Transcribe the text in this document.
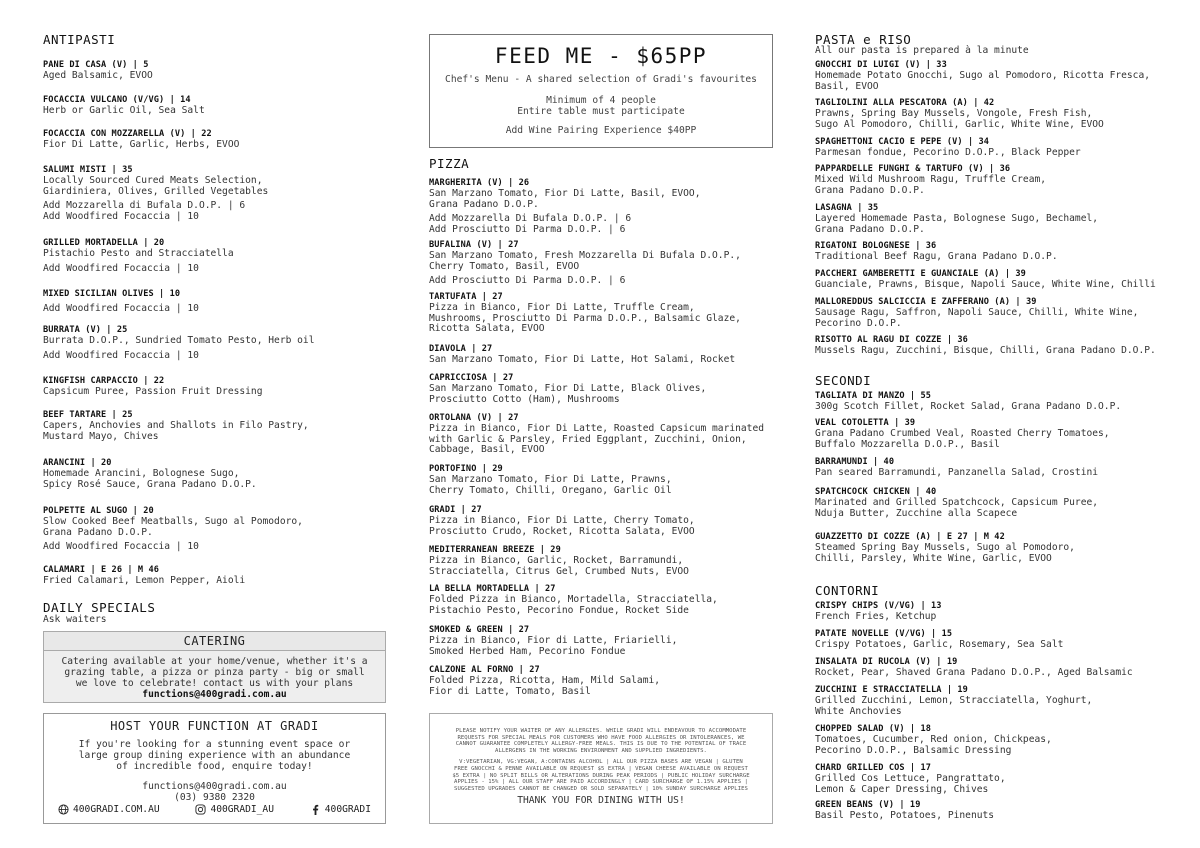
ANTIPASTI
PANE DI CASA (V) | 5
Aged Balsamic, EVOO
FOCACCIA VULCANO (V/VG) | 14
Herb or Garlic Oil, Sea Salt
FOCACCIA CON MOZZARELLA (V) | 22
Fior Di Latte, Garlic, Herbs, EVOO
SALUMI MISTI | 35
Locally Sourced Cured Meats Selection,
Giardiniera, Olives, Grilled Vegetables
Add Mozzarella di Bufala D.O.P. | 6
Add Woodfired Focaccia | 10
GRILLED MORTADELLA | 20
Pistachio Pesto and Stracciatella
Add Woodfired Focaccia | 10
MIXED SICILIAN OLIVES | 10
Add Woodfired Focaccia | 10
BURRATA (V) | 25
Burrata D.O.P., Sundried Tomato Pesto, Herb oil
Add Woodfired Focaccia | 10
KINGFISH CARPACCIO | 22
Capsicum Puree, Passion Fruit Dressing
BEEF TARTARE | 25
Capers, Anchovies and Shallots in Filo Pastry,
Mustard Mayo, Chives
ARANCINI | 20
Homemade Arancini, Bolognese Sugo,
Spicy Rosé Sauce, Grana Padano D.O.P.
POLPETTE AL SUGO | 20
Slow Cooked Beef Meatballs, Sugo al Pomodoro,
Grana Padano D.O.P.
Add Woodfired Focaccia | 10
CALAMARI | E 26 | M 46
Fried Calamari, Lemon Pepper, Aioli
DAILY SPECIALS
Ask waiters
CATERING
Catering available at your home/venue, whether it's a
grazing table, a pizza or pinza party - big or small
we love to celebrate! contact us with your plans
functions@400gradi.com.au
HOST YOUR FUNCTION AT GRADI
If you're looking for a stunning event space or
large group dining experience with an abundance
of incredible food, enquire today!
functions@400gradi.com.au
(03) 9380 2320
400GRADI.COM.AU	400GRADI_AU	400GRADI
FEED ME - $65PP
Chef's Menu - A shared selection of Gradi's favourites
Minimum of 4 people
Entire table must participate
Add Wine Pairing Experience $40PP
PIZZA
MARGHERITA (V) | 26
San Marzano Tomato, Fior Di Latte, Basil, EVOO,
Grana Padano D.O.P.
Add Mozzarella Di Bufala D.O.P. | 6
Add Prosciutto Di Parma D.O.P. | 6
BUFALINA (V) | 27
San Marzano Tomato, Fresh Mozzarella Di Bufala D.O.P.,
Cherry Tomato, Basil, EVOO
Add Prosciutto Di Parma D.O.P. | 6
TARTUFATA | 27
Pizza in Bianco, Fior Di Latte, Truffle Cream,
Mushrooms, Prosciutto Di Parma D.O.P., Balsamic Glaze,
Ricotta Salata, EVOO
DIAVOLA | 27
San Marzano Tomato, Fior Di Latte, Hot Salami, Rocket
CAPRICCIOSA | 27
San Marzano Tomato, Fior Di Latte, Black Olives,
Prosciutto Cotto (Ham), Mushrooms
ORTOLANA (V) | 27
Pizza in Bianco, Fior Di Latte, Roasted Capsicum marinated
with Garlic & Parsley, Fried Eggplant, Zucchini, Onion,
Cabbage, Basil, EVOO
PORTOFINO | 29
San Marzano Tomato, Fior Di Latte, Prawns,
Cherry Tomato, Chilli, Oregano, Garlic Oil
GRADI | 27
Pizza in Bianco, Fior Di Latte, Cherry Tomato,
Prosciutto Crudo, Rocket, Ricotta Salata, EVOO
MEDITERRANEAN BREEZE | 29
Pizza in Bianco, Garlic, Rocket, Barramundi,
Stracciatella, Citrus Gel, Crumbed Nuts, EVOO
LA BELLA MORTADELLA | 27
Folded Pizza in Bianco, Mortadella, Stracciatella,
Pistachio Pesto, Pecorino Fondue, Rocket Side
SMOKED & GREEN | 27
Pizza in Bianco, Fior di Latte, Friarielli,
Smoked Herbed Ham, Pecorino Fondue
CALZONE AL FORNO | 27
Folded Pizza, Ricotta, Ham, Mild Salami,
Fior di Latte, Tomato, Basil
PLEASE NOTIFY YOUR WAITER OF ANY ALLERGIES. WHILE GRADI WILL ENDEAVOUR TO ACCOMMODATE
REQUESTS FOR SPECIAL MEALS FOR CUSTOMERS WHO HAVE FOOD ALLERGIES OR INTOLERANCES, WE
CANNOT GUARANTEE COMPLETELY ALLERGY-FREE MEALS. THIS IS DUE TO THE POTENTIAL OF TRACE
ALLERGENS IN THE WORKING ENVIRONMENT AND SUPPLIED INGREDIENTS.
V:VEGETARIAN, VG:VEGAN, A:CONTAINS ALCOHOL | ALL OUR PIZZA BASES ARE VEGAN | GLUTEN
FREE GNOCCHI & PENNE AVAILABLE ON REQUEST $5 EXTRA | VEGAN CHEESE AVAILABLE ON REQUEST
$5 EXTRA | NO SPLIT BILLS OR ALTERATIONS DURING PEAK PERIODS | PUBLIC HOLIDAY SURCHARGE
APPLIES - 15% | ALL OUR STAFF ARE PAID ACCORDINGLY | CARD SURCHARGE OF 1.15% APPLIES |
SUGGESTED UPGRADES CANNOT BE CHANGED OR SOLD SEPARATELY | 10% SUNDAY SURCHARGE APPLIES
THANK YOU FOR DINING WITH US!
PASTA e RISO
All our pasta is prepared à la minute
GNOCCHI DI LUIGI (V) | 33
Homemade Potato Gnocchi, Sugo al Pomodoro, Ricotta Fresca,
Basil, EVOO
TAGLIOLINI ALLA PESCATORA (A) | 42
Prawns, Spring Bay Mussels, Vongole, Fresh Fish,
Sugo Al Pomodoro, Chilli, Garlic, White Wine, EVOO
SPAGHETTONI CACIO E PEPE (V) | 34
Parmesan fondue, Pecorino D.O.P., Black Pepper
PAPPARDELLE FUNGHI & TARTUFO (V) | 36
Mixed Wild Mushroom Ragu, Truffle Cream,
Grana Padano D.O.P.
LASAGNA | 35
Layered Homemade Pasta, Bolognese Sugo, Bechamel,
Grana Padano D.O.P.
RIGATONI BOLOGNESE | 36
Traditional Beef Ragu, Grana Padano D.O.P.
PACCHERI GAMBERETTI E GUANCIALE (A) | 39
Guanciale, Prawns, Bisque, Napoli Sauce, White Wine, Chilli
MALLOREDDUS SALCICCIA E ZAFFERANO (A) | 39
Sausage Ragu, Saffron, Napoli Sauce, Chilli, White Wine,
Pecorino D.O.P.
RISOTTO AL RAGU DI COZZE | 36
Mussels Ragu, Zucchini, Bisque, Chilli, Grana Padano D.O.P.
SECONDI
TAGLIATA DI MANZO | 55
300g Scotch Fillet, Rocket Salad, Grana Padano D.O.P.
VEAL COTOLETTA | 39
Grana Padano Crumbed Veal, Roasted Cherry Tomatoes,
Buffalo Mozzarella D.O.P., Basil
BARRAMUNDI | 40
Pan seared Barramundi, Panzanella Salad, Crostini
SPATCHCOCK CHICKEN | 40
Marinated and Grilled Spatchcock, Capsicum Puree,
Nduja Butter, Zucchine alla Scapece
GUAZZETTO DI COZZE (A) | E 27 | M 42
Steamed Spring Bay Mussels, Sugo al Pomodoro,
Chilli, Parsley, White Wine, Garlic, EVOO
CONTORNI
CRISPY CHIPS (V/VG) | 13
French Fries, Ketchup
PATATE NOVELLE (V/VG) | 15
Crispy Potatoes, Garlic, Rosemary, Sea Salt
INSALATA DI RUCOLA (V) | 19
Rocket, Pear, Shaved Grana Padano D.O.P., Aged Balsamic
ZUCCHINI E STRACCIATELLA | 19
Grilled Zucchini, Lemon, Stracciatella, Yoghurt,
White Anchovies
CHOPPED SALAD (V) | 18
Tomatoes, Cucumber, Red onion, Chickpeas,
Pecorino D.O.P., Balsamic Dressing
CHARD GRILLED COS | 17
Grilled Cos Lettuce, Pangrattato,
Lemon & Caper Dressing, Chives
GREEN BEANS (V) | 19
Basil Pesto, Potatoes, Pinenuts
